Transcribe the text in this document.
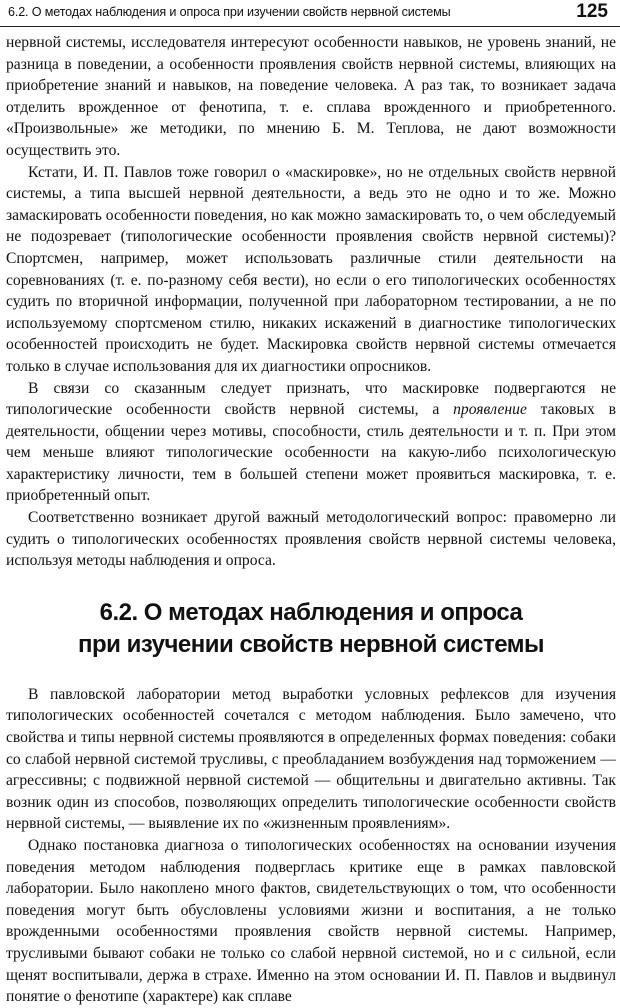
6.2. О методах наблюдения и опроса при изучении свойств нервной системы	125

нервной системы, исследователя интересуют особенности навыков, не уровень знаний, не разница в поведении, а особенности проявления свойств нервной системы, влияющих на приобретение знаний и навыков, на поведение человека. А раз так, то возникает задача отделить врожденное от фенотипа, т. е. сплава врожденного и приобретенного. «Произвольные» же методики, по мнению Б. М. Теплова, не дают возможности осуществить это.

Кстати, И. П. Павлов тоже говорил о «маскировке», но не отдельных свойств нервной системы, а типа высшей нервной деятельности, а ведь это не одно и то же. Можно замаскировать особенности поведения, но как можно замаскировать то, о чем обследуемый не подозревает (типологические особенности проявления свойств нервной системы)? Спортсмен, например, может использовать различные стили деятельности на соревнованиях (т. е. по-разному себя вести), но если о его типологических особенностях судить по вторичной информации, полученной при лабораторном тестировании, а не по используемому спортсменом стилю, никаких искажений в диагностике типологических особенностей происходить не будет. Маскировка свойств нервной системы отмечается только в случае использования для их диагностики опросников.

В связи со сказанным следует признать, что маскировке подвергаются не типологические особенности свойств нервной системы, а проявление таковых в деятельности, общении через мотивы, способности, стиль деятельности и т. п. При этом чем меньше влияют типологические особенности на какую-либо психологическую характеристику личности, тем в большей степени может проявиться маскировка, т. е. приобретенный опыт.

Соответственно возникает другой важный методологический вопрос: правомерно ли судить о типологических особенностях проявления свойств нервной системы человека, используя методы наблюдения и опроса.

6.2. О методах наблюдения и опроса
при изучении свойств нервной системы

В павловской лаборатории метод выработки условных рефлексов для изучения типологических особенностей сочетался с методом наблюдения. Было замечено, что свойства и типы нервной системы проявляются в определенных формах поведения: собаки со слабой нервной системой трусливы, с преобладанием возбуждения над торможением — агрессивны; с подвижной нервной системой — общительны и двигательно активны. Так возник один из способов, позволяющих определить типологические особенности свойств нервной системы, — выявление их по «жизненным проявлениям».

Однако постановка диагноза о типологических особенностях на основании изучения поведения методом наблюдения подверглась критике еще в рамках павловской лаборатории. Было накоплено много фактов, свидетельствующих о том, что особенности поведения могут быть обусловлены условиями жизни и воспитания, а не только врожденными особенностями проявления свойств нервной системы. Например, трусливыми бывают собаки не только со слабой нервной системой, но и с сильной, если щенят воспитывали, держа в страхе. Именно на этом основании И. П. Павлов и выдвинул понятие о фенотипе (характере) как сплаве
